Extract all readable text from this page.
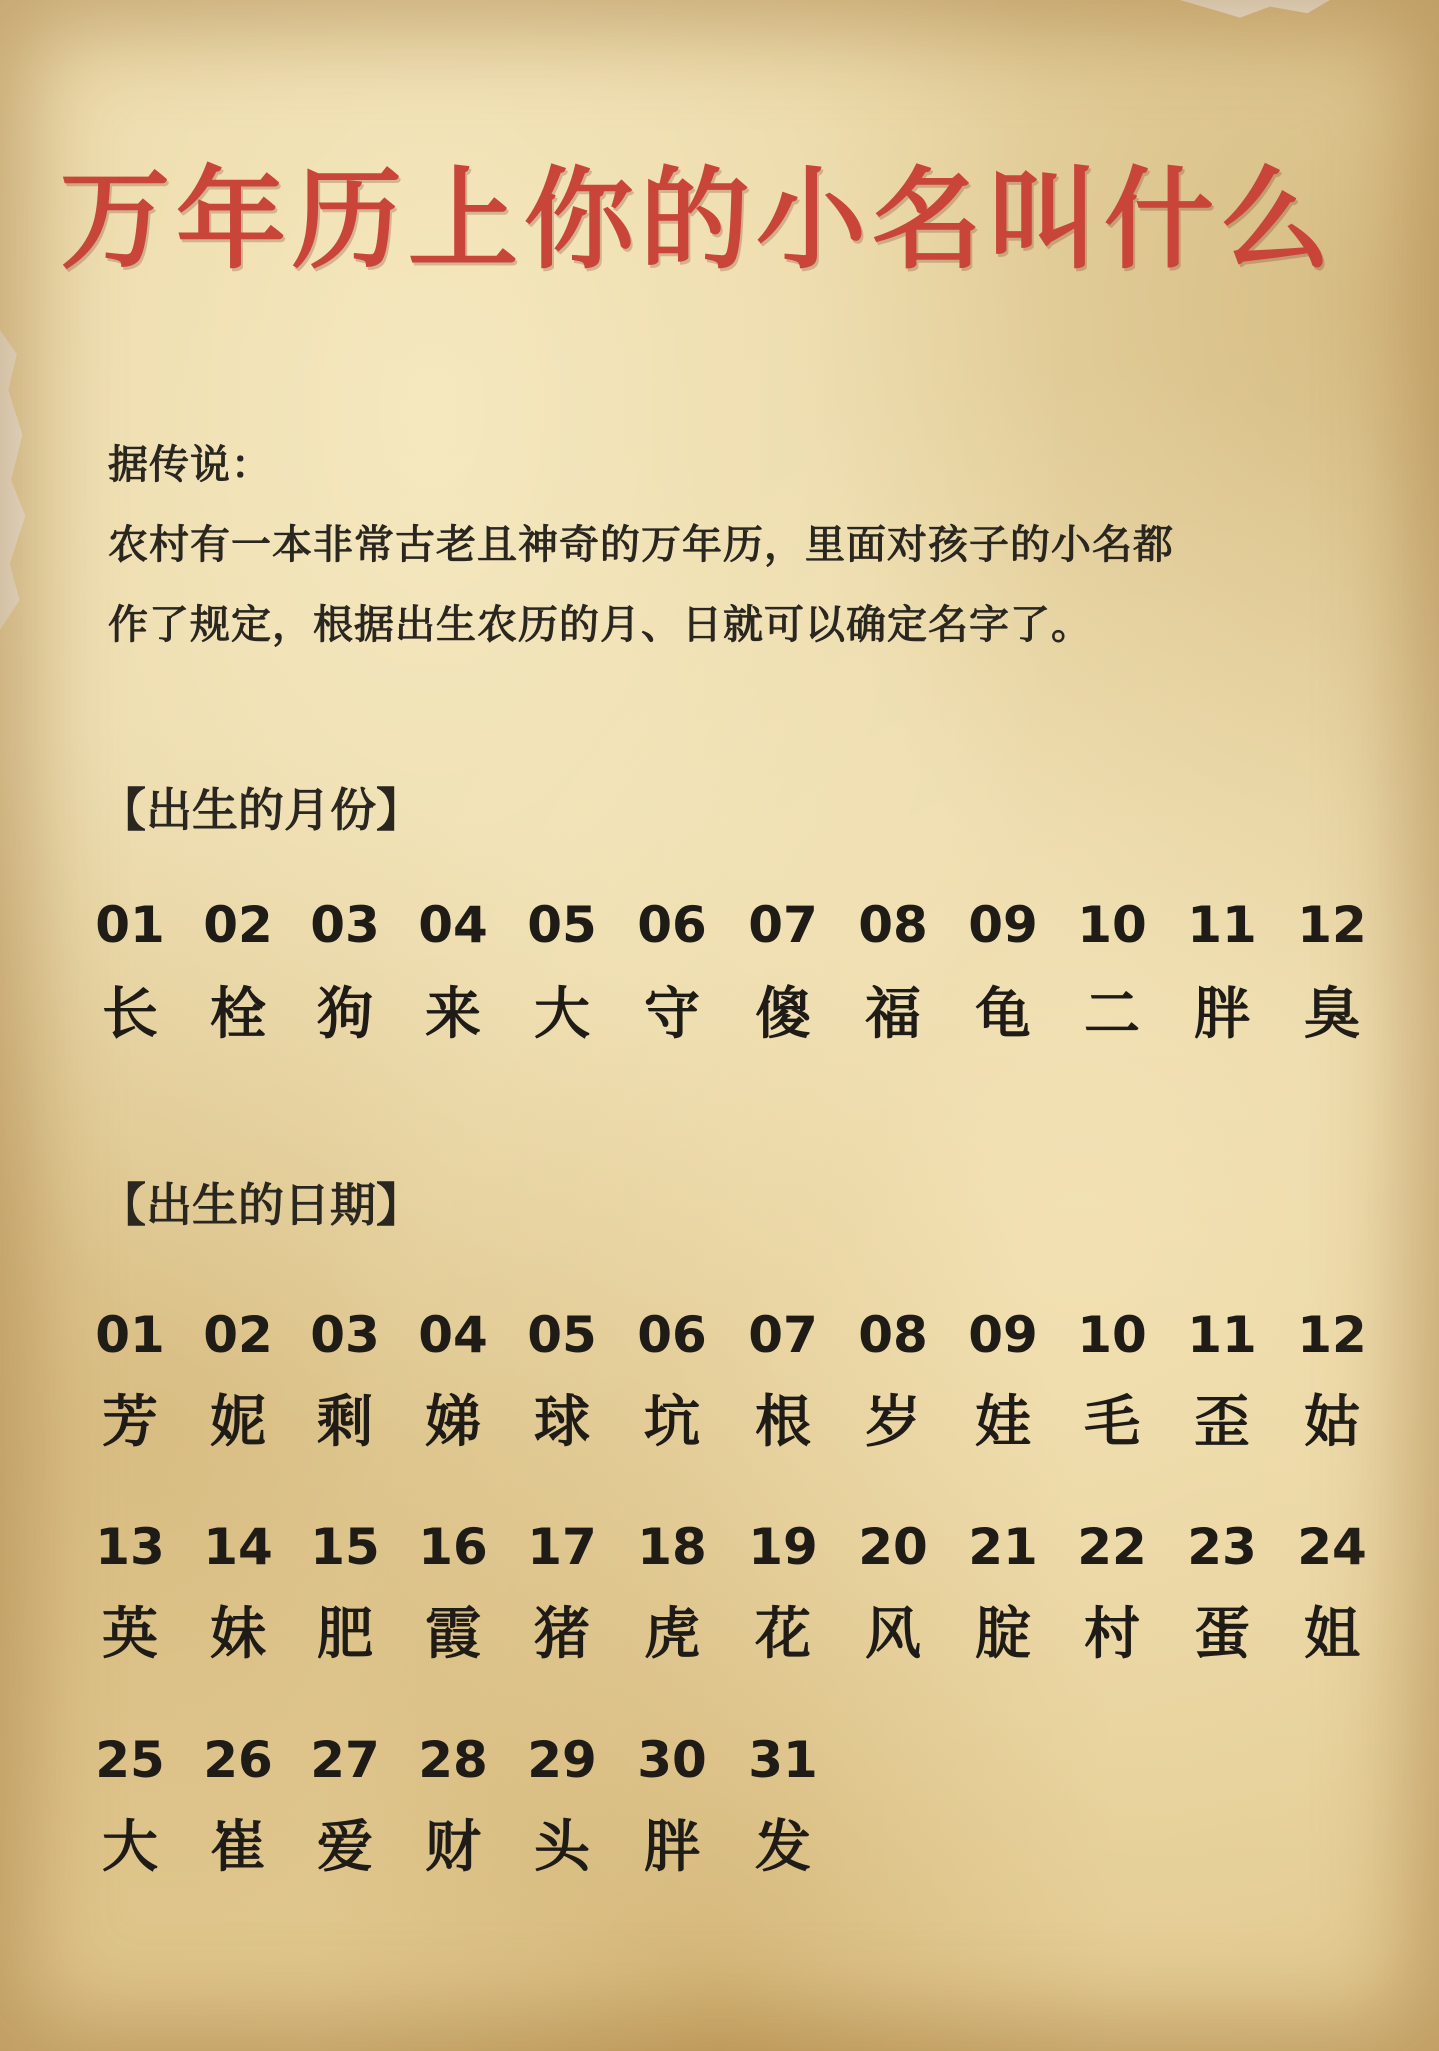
万年历上你的小名叫什么

据传说：

农村有一本非常古老且神奇的万年历，里面对孩子的小名都

作了规定，根据出生农历的月、日就可以确定名字了。

【出生的月份】

01 02 03 04 05 06 07 08 09 10 11 12
长 栓 狗 来 大 守 傻 福 龟 二 胖 臭

【出生的日期】

01 02 03 04 05 06 07 08 09 10 11 12
芳 妮 剩 娣 球 坑 根 岁 娃 毛 歪 姑
13 14 15 16 17 18 19 20 21 22 23 24
英 妹 肥 霞 猪 虎 花 风 腚 村 蛋 姐
25 26 27 28 29 30 31
大 崔 爱 财 头 胖 发
